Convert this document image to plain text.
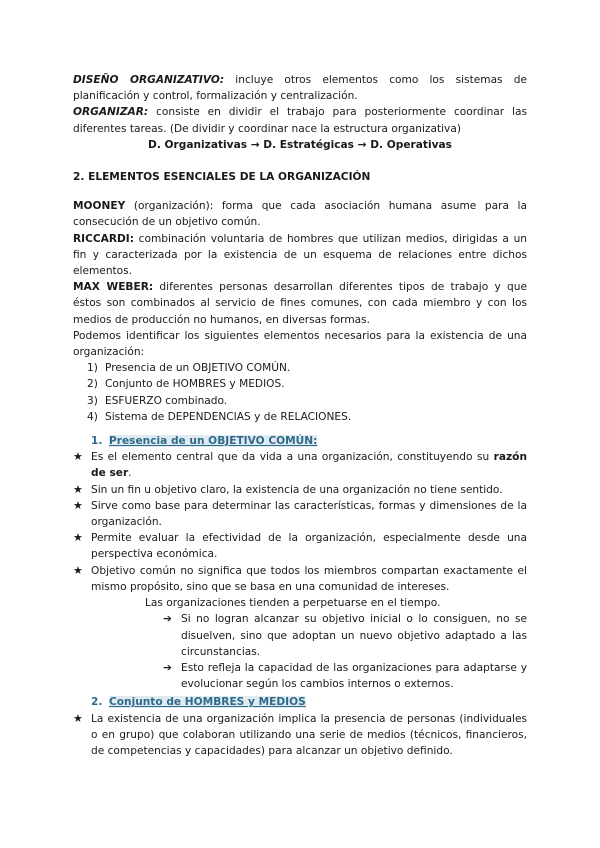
DISEÑO ORGANIZATIVO: incluye otros elementos como los sistemas de planificación y control, formalización y centralización.

ORGANIZAR: consiste en dividir el trabajo para posteriormente coordinar las diferentes tareas. (De dividir y coordinar nace la estructura organizativa)

D. Organizativas → D. Estratégicas → D. Operativas

2. ELEMENTOS ESENCIALES DE LA ORGANIZACIÓN

MOONEY (organización): forma que cada asociación humana asume para la consecución de un objetivo común.

RICCARDI: combinación voluntaria de hombres que utilizan medios, dirigidas a un fin y caracterizada por la existencia de un esquema de relaciones entre dichos elementos.

MAX WEBER: diferentes personas desarrollan diferentes tipos de trabajo y que éstos son combinados al servicio de fines comunes, con cada miembro y con los medios de producción no humanos, en diversas formas.

Podemos identificar los siguientes elementos necesarios para la existencia de una organización:

1) Presencia de un OBJETIVO COMÚN.
2) Conjunto de HOMBRES y MEDIOS.
3) ESFUERZO combinado.
4) Sistema de DEPENDENCIAS y de RELACIONES.
1. Presencia de un OBJETIVO COMÚN:
★ Es el elemento central que da vida a una organización, constituyendo su razón de ser.
★ Sin un fin u objetivo claro, la existencia de una organización no tiene sentido.
★ Sirve como base para determinar las características, formas y dimensiones de la organización.
★ Permite evaluar la efectividad de la organización, especialmente desde una perspectiva económica.
★ Objetivo común no significa que todos los miembros compartan exactamente el mismo propósito, sino que se basa en una comunidad de intereses.

Las organizaciones tienden a perpetuarse en el tiempo.

➔ Si no logran alcanzar su objetivo inicial o lo consiguen, no se disuelven, sino que adoptan un nuevo objetivo adaptado a las circunstancias.
➔ Esto refleja la capacidad de las organizaciones para adaptarse y evolucionar según los cambios internos o externos.
2. Conjunto de HOMBRES y MEDIOS
★ La existencia de una organización implica la presencia de personas (individuales o en grupo) que colaboran utilizando una serie de medios (técnicos, financieros, de competencias y capacidades) para alcanzar un objetivo definido.
